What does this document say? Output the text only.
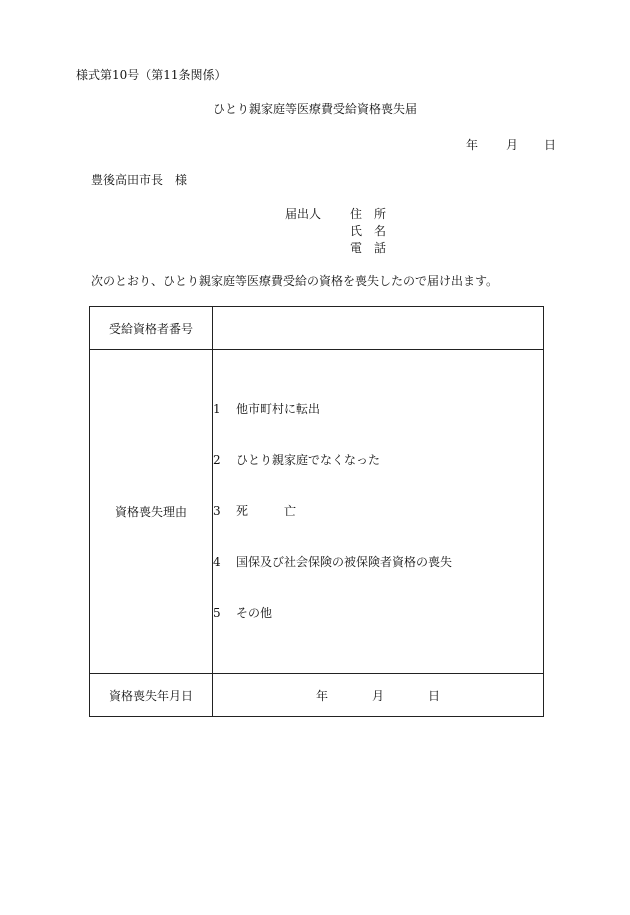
様式第10号（第11条関係）
ひとり親家庭等医療費受給資格喪失届
年 月 日
豊後高田市長　様
届出人 住　所
氏　名
電　話
次のとおり、ひとり親家庭等医療費受給の資格を喪失したので届け出ます。
受給資格者番号	
資格喪失理由	1 他市町村に転出
2 ひとり親家庭でなくなった
3 死　　　亡
4 国保及び社会保険の被保険者資格の喪失
5 その他

資格喪失年月日	年 月 日
